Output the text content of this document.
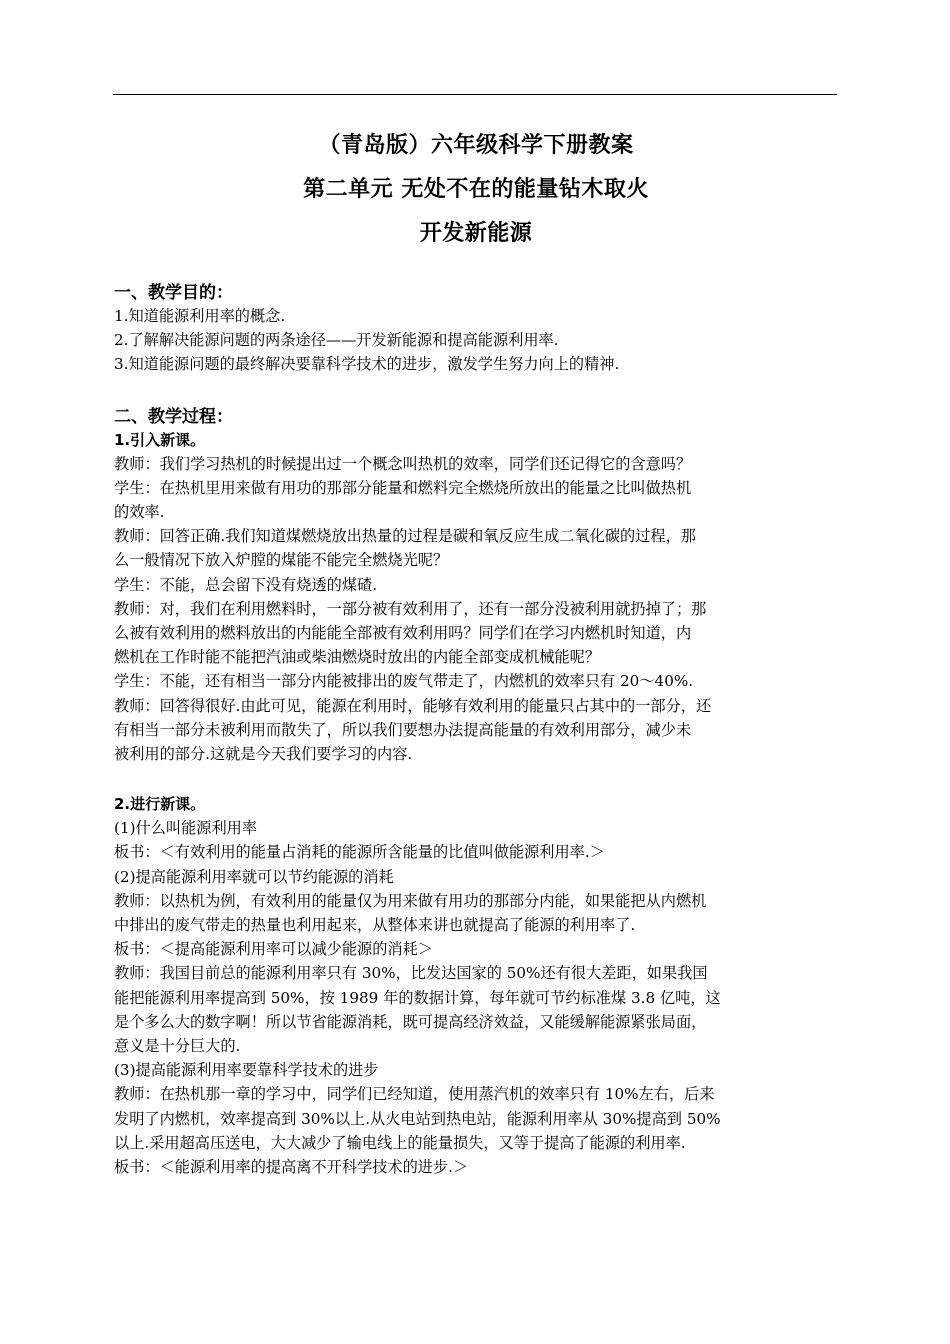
（青岛版）六年级科学下册教案
第二单元 无处不在的能量钻木取火
开发新能源
一、教学目的：
1.知道能源利用率的概念.
2.了解解决能源问题的两条途径——开发新能源和提高能源利用率.
3.知道能源问题的最终解决要靠科学技术的进步，激发学生努力向上的精神.
二、教学过程：
1.引入新课。
教师：我们学习热机的时候提出过一个概念叫热机的效率，同学们还记得它的含意吗？
学生：在热机里用来做有用功的那部分能量和燃料完全燃烧所放出的能量之比叫做热机
的效率.
教师：回答正确.我们知道煤燃烧放出热量的过程是碳和氧反应生成二氧化碳的过程，那
么一般情况下放入炉膛的煤能不能完全燃烧光呢？
学生：不能，总会留下没有烧透的煤碴.
教师：对，我们在利用燃料时，一部分被有效利用了，还有一部分没被利用就扔掉了；那
么被有效利用的燃料放出的内能能全部被有效利用吗？同学们在学习内燃机时知道，内
燃机在工作时能不能把汽油或柴油燃烧时放出的内能全部变成机械能呢？
学生：不能，还有相当一部分内能被排出的废气带走了，内燃机的效率只有 20～40%.
教师：回答得很好.由此可见，能源在利用时，能够有效利用的能量只占其中的一部分，还
有相当一部分未被利用而散失了，所以我们要想办法提高能量的有效利用部分，减少未
被利用的部分.这就是今天我们要学习的内容.
2.进行新课。
(1)什么叫能源利用率
板书：＜有效利用的能量占消耗的能源所含能量的比值叫做能源利用率.＞
(2)提高能源利用率就可以节约能源的消耗
教师：以热机为例，有效利用的能量仅为用来做有用功的那部分内能，如果能把从内燃机
中排出的废气带走的热量也利用起来，从整体来讲也就提高了能源的利用率了.
板书：＜提高能源利用率可以减少能源的消耗＞
教师：我国目前总的能源利用率只有 30%，比发达国家的 50%还有很大差距，如果我国
能把能源利用率提高到 50%，按 1989 年的数据计算，每年就可节约标准煤 3.8 亿吨，这
是个多么大的数字啊！所以节省能源消耗，既可提高经济效益，又能缓解能源紧张局面，
意义是十分巨大的.
(3)提高能源利用率要靠科学技术的进步
教师：在热机那一章的学习中，同学们已经知道，使用蒸汽机的效率只有 10%左右，后来
发明了内燃机，效率提高到 30%以上.从火电站到热电站，能源利用率从 30%提高到 50%
以上.采用超高压送电，大大减少了输电线上的能量损失，又等于提高了能源的利用率.
板书：＜能源利用率的提高离不开科学技术的进步.＞
